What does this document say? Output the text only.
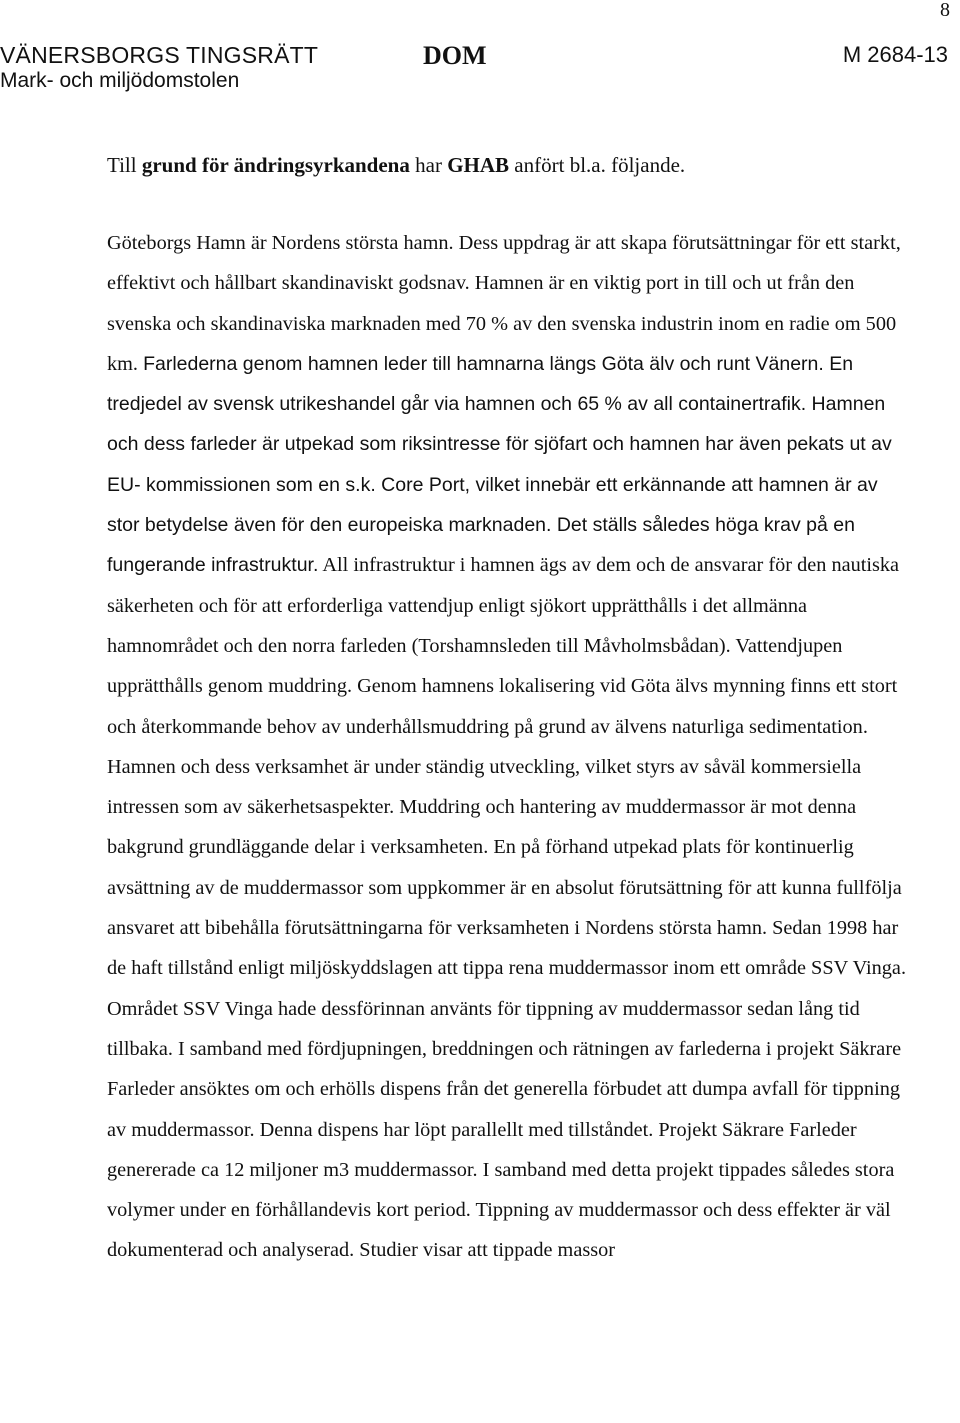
8
VÄNERSBORGS TINGSRÄTT
Mark- och miljödomstolen
DOM	M 2684-13

Till grund för ändringsyrkandena har GHAB anfört bl.a. följande.

Göteborgs Hamn är Nordens största hamn. Dess uppdrag är att skapa förutsättningar för ett starkt, effektivt och hållbart skandinaviskt godsnav. Hamnen är en viktig port in till och ut från den svenska och skandinaviska marknaden med 70 % av den svenska industrin inom en radie om 500 km. Farlederna genom hamnen leder till hamnarna längs Göta älv och runt Vänern. En tredjedel av svensk utrikeshandel går via hamnen och 65 % av all containertrafik. Hamnen och dess farleder är utpekad som riksintresse för sjöfart och hamnen har även pekats ut av EU- kommissionen som en s.k. Core Port, vilket innebär ett erkännande att hamnen är av stor betydelse även för den europeiska marknaden. Det ställs således höga krav på en fungerande infrastruktur. All infrastruktur i hamnen ägs av dem och de ansvarar för den nautiska säkerheten och för att erforderliga vattendjup enligt sjökort upprätthålls i det allmänna hamnområdet och den norra farleden (Torshamnsleden till Måvholmsbådan). Vattendjupen upprätthålls genom muddring. Genom hamnens lokalisering vid Göta älvs mynning finns ett stort och återkommande behov av underhållsmuddring på grund av älvens naturliga sedimentation. Hamnen och dess verksamhet är under ständig utveckling, vilket styrs av såväl kommersiella intressen som av säkerhetsaspekter. Muddring och hantering av muddermassor är mot denna bakgrund grundläggande delar i verksamheten. En på förhand utpekad plats för kontinuerlig avsättning av de muddermassor som uppkommer är en absolut förutsättning för att kunna fullfölja ansvaret att bibehålla förutsättningarna för verksamheten i Nordens största hamn. Sedan 1998 har de haft tillstånd enligt miljöskyddslagen att tippa rena muddermassor inom ett område SSV Vinga. Området SSV Vinga hade dessförinnan använts för tippning av muddermassor sedan lång tid tillbaka. I samband med fördjupningen, breddningen och rätningen av farlederna i projekt Säkrare Farleder ansöktes om och erhölls dispens från det generella förbudet att dumpa avfall för tippning av muddermassor. Denna dispens har löpt parallellt med tillståndet. Projekt Säkrare Farleder genererade ca 12 miljoner m3 muddermassor. I samband med detta projekt tippades således stora volymer under en förhållandevis kort period. Tippning av muddermassor och dess effekter är väl dokumenterad och analyserad. Studier visar att tippade massor
